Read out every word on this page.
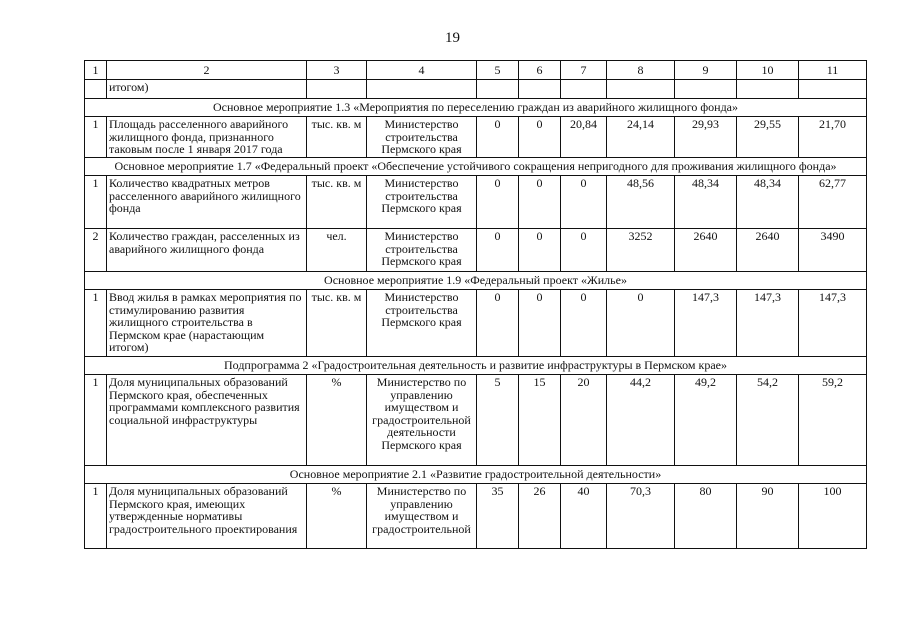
19
1	2	3	4	5	6	7	8	9	10	11
	итогом)									
Основное мероприятие 1.3 «Мероприятия по переселению граждан из аварийного жилищного фонда»										
1	Площадь расселенного аварийного жилищного фонда, признанного таковым после 1 января 2017 года	тыс. кв. м	Министерство строительства Пермского края	0	0	20,84	24,14	29,93	29,55	21,70
Основное мероприятие 1.7 «Федеральный проект «Обеспечение устойчивого сокращения непригодного для проживания жилищного фонда»										
1	Количество квадратных метров расселенного аварийного жилищного фонда	тыс. кв. м	Министерство строительства Пермского края	0	0	0	48,56	48,34	48,34	62,77
2	Количество граждан, расселенных из аварийного жилищного фонда	чел.	Министерство строительства Пермского края	0	0	0	3252	2640	2640	3490
Основное мероприятие 1.9 «Федеральный проект «Жилье»										
1	Ввод жилья в рамках мероприятия по стимулированию развития жилищного строительства в Пермском крае (нарастающим итогом)	тыс. кв. м	Министерство строительства Пермского края	0	0	0	0	147,3	147,3	147,3
Подпрограмма 2 «Градостроительная деятельность и развитие инфраструктуры в Пермском крае»										
1	Доля муниципальных образований Пермского края, обеспеченных программами комплексного развития социальной инфраструктуры	%	Министерство по управлению имуществом и градостроительной деятельности Пермского края	5	15	20	44,2	49,2	54,2	59,2
Основное мероприятие 2.1 «Развитие градостроительной деятельности»										
1	Доля муниципальных образований Пермского края, имеющих утвержденные нормативы градостроительного проектирования	%	Министерство по управлению имуществом и градостроительной	35	26	40	70,3	80	90	100
